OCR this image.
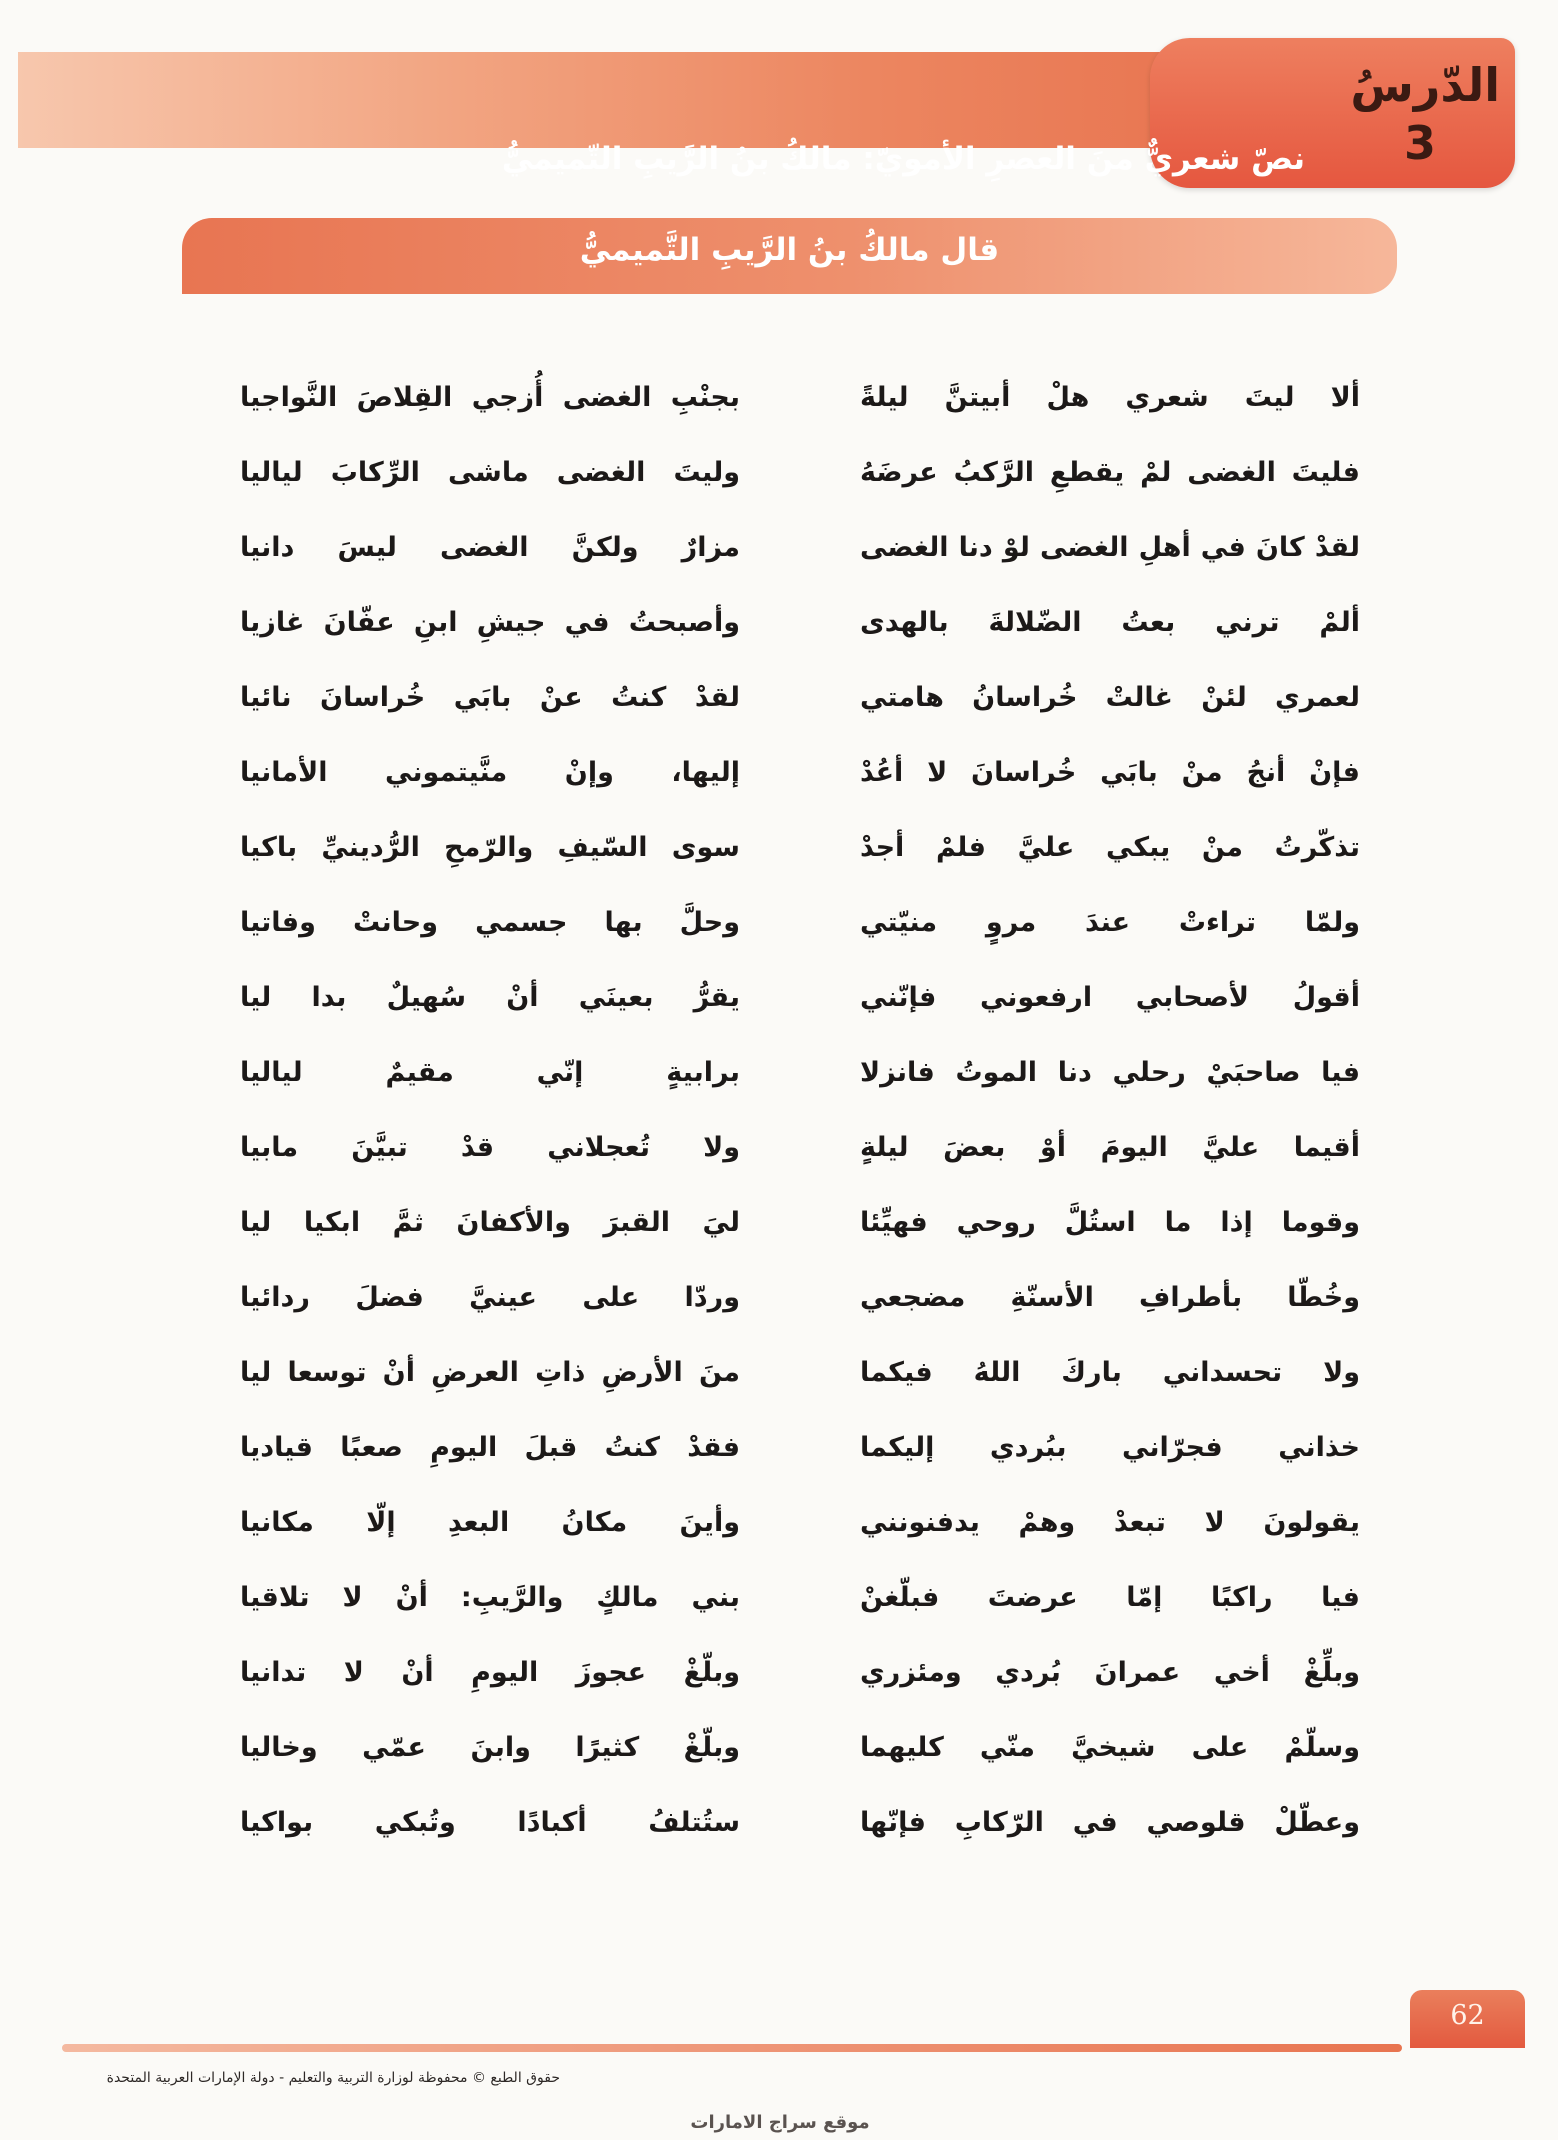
الدّرسُ
3
نصّ شعريٌّ منَ العصرِ الأمويّ: مالكُ بنُ الرَّيبِ التّميميُّ
قال مالكُ بنُ الرَّيبِ التَّميميُّ
ألا ليتَ شعري هلْ أبيتنَّ ليلةً
بجنْبِ الغضى أُزجي القِلاصَ النَّواجيا
فليتَ الغضى لمْ يقطعِ الرَّكبُ عرضَهُ
وليتَ الغضى ماشى الرِّكابَ لياليا
لقدْ كانَ في أهلِ الغضى لوْ دنا الغضى
مزارٌ ولكنَّ الغضى ليسَ دانيا
ألمْ ترني بعتُ الضّلالةَ بالهدى
وأصبحتُ في جيشِ ابنِ عفّانَ غازيا
لعمري لئنْ غالتْ خُراسانُ هامتي
لقدْ كنتُ عنْ بابَي خُراسانَ نائيا
فإنْ أنجُ منْ بابَي خُراسانَ لا أعُدْ
إليها، وإنْ منَّيتموني الأمانيا
تذكّرتُ منْ يبكي عليَّ فلمْ أجدْ
سوى السّيفِ والرّمحِ الرُّدينيِّ باكيا
ولمّا تراءتْ عندَ مروٍ منيّتي
وحلَّ بها جسمي وحانتْ وفاتيا
أقولُ لأصحابي ارفعوني فإنّني
يقرُّ بعينَي أنْ سُهيلٌ بدا ليا
فيا صاحبَيْ رحلي دنا الموتُ فانزلا
برابيةٍ إنّي مقيمٌ لياليا
أقيما عليَّ اليومَ أوْ بعضَ ليلةٍ
ولا تُعجلاني قدْ تبيَّنَ مابيا
وقوما إذا ما استُلَّ روحي فهيِّئا
ليَ القبرَ والأكفانَ ثمَّ ابكيا ليا
وخُطّا بأطرافِ الأسنّةِ مضجعي
وردّا على عينيَّ فضلَ ردائيا
ولا تحسداني باركَ اللهُ فيكما
منَ الأرضِ ذاتِ العرضِ أنْ توسعا ليا
خذاني فجرّاني ببُردي إليكما
فقدْ كنتُ قبلَ اليومِ صعبًا قياديا
يقولونَ لا تبعدْ وهمْ يدفنونني
وأينَ مكانُ البعدِ إلّا مكانيا
فيا راكبًا إمّا عرضتَ فبلّغنْ
بني مالكٍ والرَّيبِ: أنْ لا تلاقيا
وبلِّغْ أخي عمرانَ بُردي ومئزري
وبلّغْ عجوزَ اليومِ أنْ لا تدانيا
وسلّمْ على شيخيَّ منّي كليهما
وبلّغْ كثيرًا وابنَ عمّي وخاليا
وعطّلْ قلوصي في الرّكابِ فإنّها
ستُتلفُ أكبادًا وتُبكي بواكيا
62
حقوق الطبع © محفوظة لوزارة التربية والتعليم - دولة الإمارات العربية المتحدة
موقع سراج الامارات
